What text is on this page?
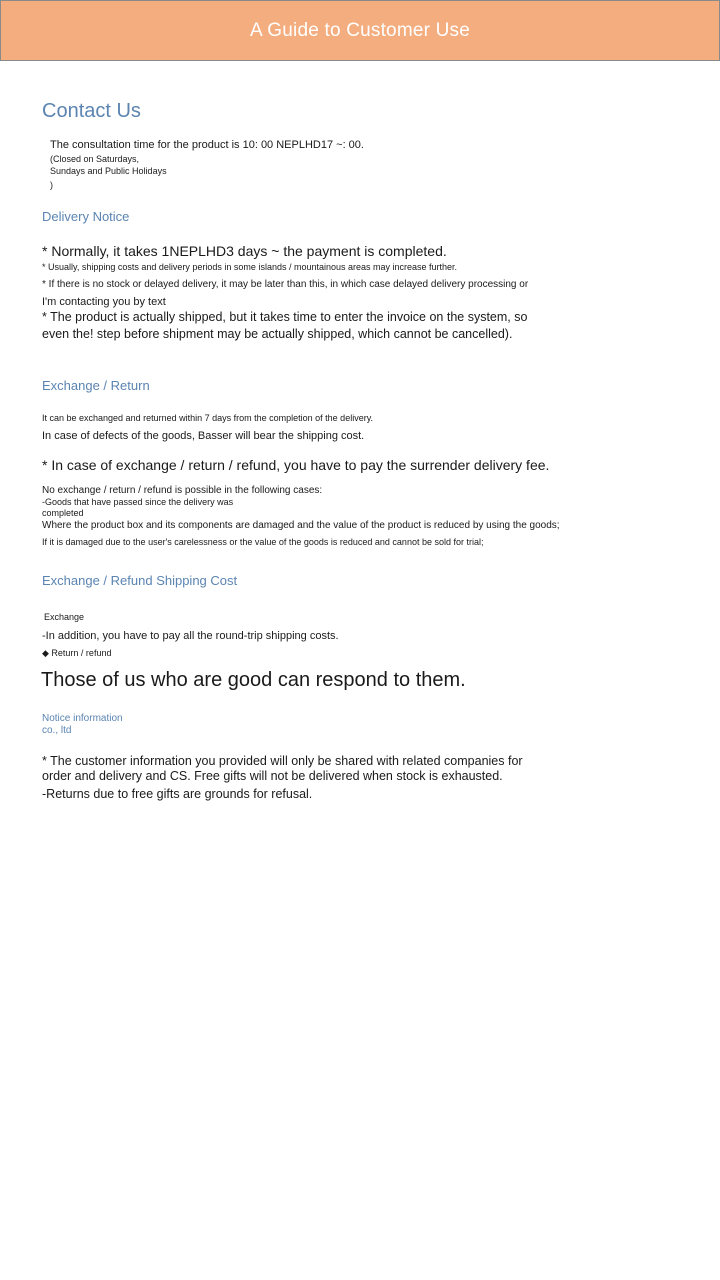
A Guide to Customer Use
Contact Us
The consultation time for the product is 10: 00 NEPLHD17 ~: 00.
(Closed on Saturdays,
Sundays and Public Holidays
)
Delivery Notice
* Normally, it takes 1NEPLHD3 days ~ the payment is completed.
* Usually, shipping costs and delivery periods in some islands / mountainous areas may increase further.
* If there is no stock or delayed delivery, it may be later than this, in which case delayed delivery processing or
I'm contacting you by text
* The product is actually shipped, but it takes time to enter the invoice on the system, so
even the! step before shipment may be actually shipped, which cannot be cancelled).
Exchange / Return
It can be exchanged and returned within 7 days from the completion of the delivery.
In case of defects of the goods, Basser will bear the shipping cost.
* In case of exchange / return / refund, you have to pay the surrender delivery fee.
No exchange / return / refund is possible in the following cases:
-Goods that have passed since the delivery was
completed
Where the product box and its components are damaged and the value of the product is reduced by using the goods;
If it is damaged due to the user's carelessness or the value of the goods is reduced and cannot be sold for trial;
Exchange / Refund Shipping Cost
Exchange
-In addition, you have to pay all the round-trip shipping costs.
◆ Return / refund
Those of us who are good can respond to them.
Notice information
co., ltd
* The customer information you provided will only be shared with related companies for
order and delivery and CS. Free gifts will not be delivered when stock is exhausted.
-Returns due to free gifts are grounds for refusal.
